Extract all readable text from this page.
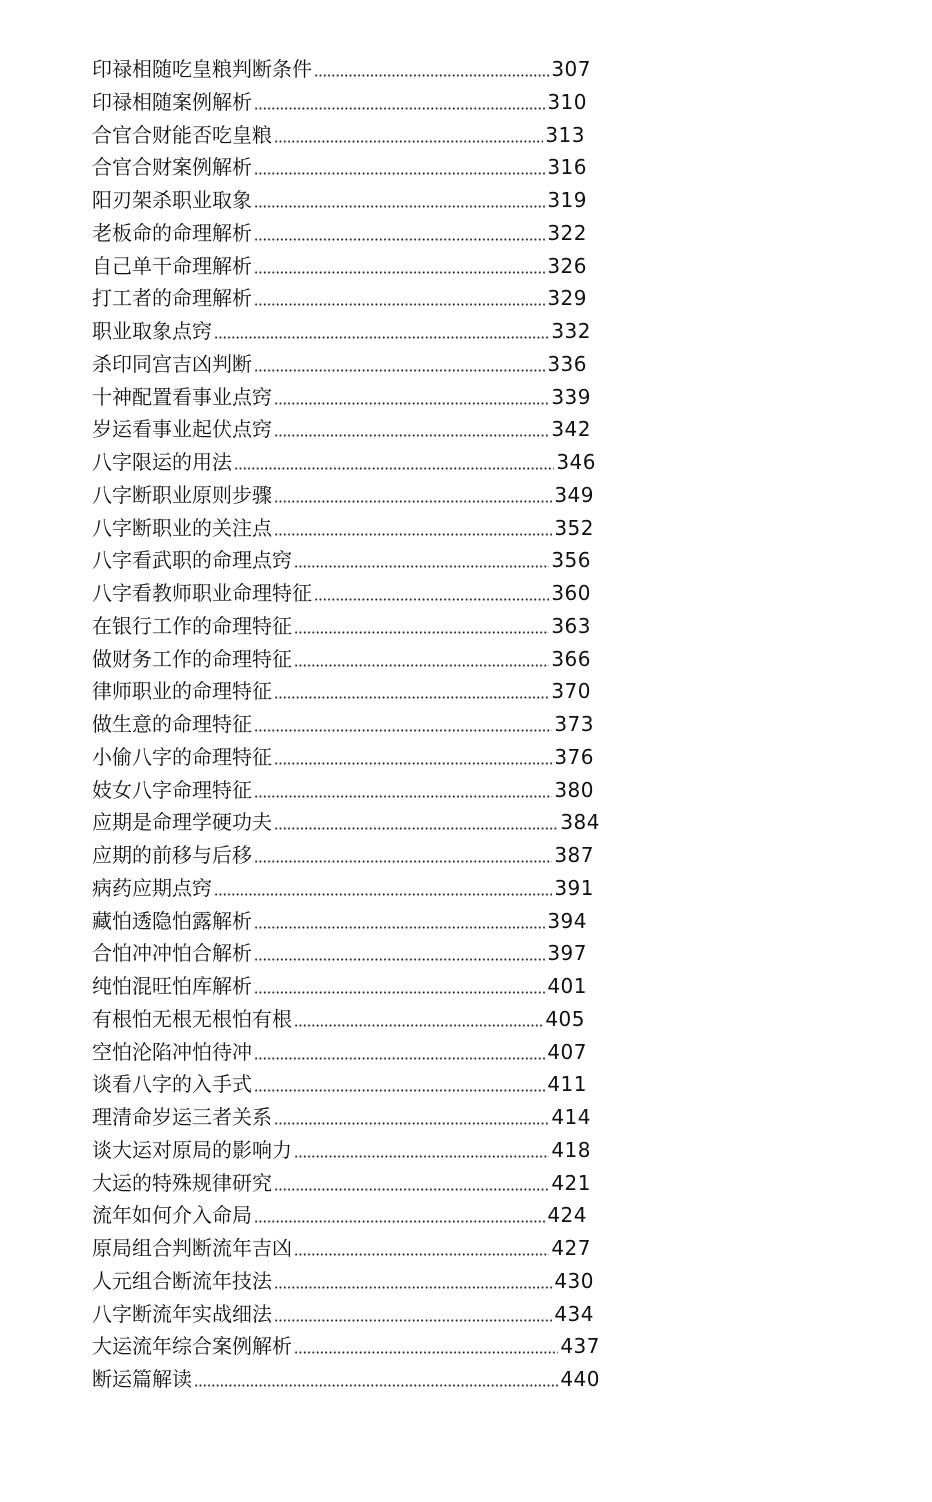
印禄相随吃皇粮判断条件	307
印禄相随案例解析	310
合官合财能否吃皇粮	313
合官合财案例解析	316
阳刃架杀职业取象	319
老板命的命理解析	322
自己单干命理解析	326
打工者的命理解析	329
职业取象点窍	332
杀印同宫吉凶判断	336
十神配置看事业点窍	339
岁运看事业起伏点窍	342
八字限运的用法	346
八字断职业原则步骤	349
八字断职业的关注点	352
八字看武职的命理点窍	356
八字看教师职业命理特征	360
在银行工作的命理特征	363
做财务工作的命理特征	366
律师职业的命理特征	370
做生意的命理特征	373
小偷八字的命理特征	376
妓女八字命理特征	380
应期是命理学硬功夫	384
应期的前移与后移	387
病药应期点窍	391
藏怕透隐怕露解析	394
合怕冲冲怕合解析	397
纯怕混旺怕库解析	401
有根怕无根无根怕有根	405
空怕沦陷冲怕待冲	407
谈看八字的入手式	411
理清命岁运三者关系	414
谈大运对原局的影响力	418
大运的特殊规律研究	421
流年如何介入命局	424
原局组合判断流年吉凶	427
人元组合断流年技法	430
八字断流年实战细法	434
大运流年综合案例解析	437
断运篇解读	440
